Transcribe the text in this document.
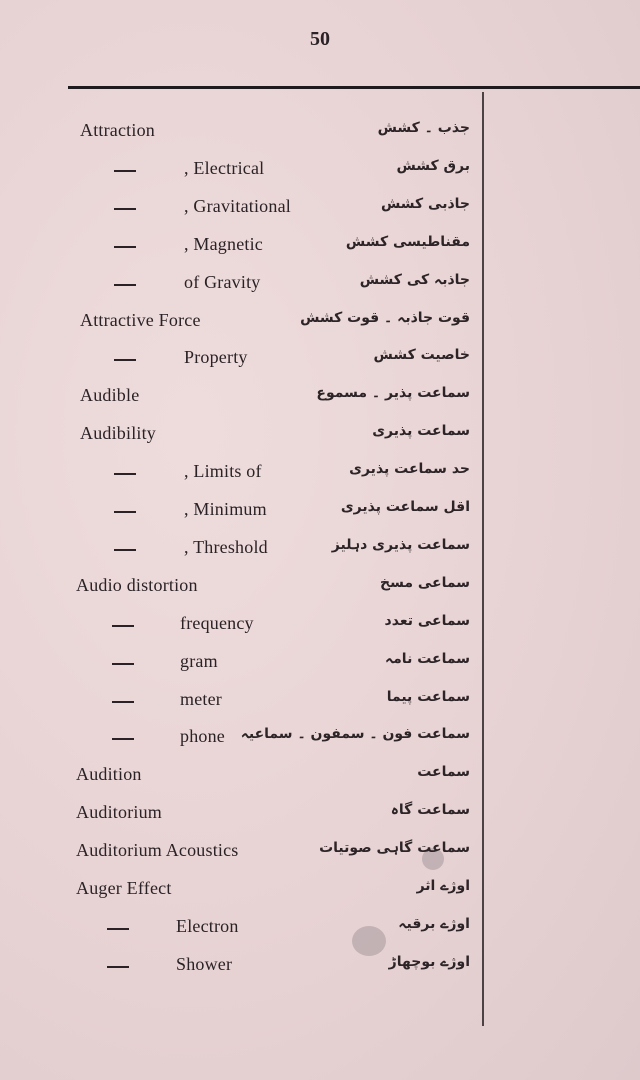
50
Attraction	جذب ۔ کشش
, Electrical	برق کشش
, Gravitational	جاذبی کشش
, Magnetic	مقناطیسی کشش
of Gravity	جاذبہ کی کشش
Attractive Force	قوت جاذبہ ۔ قوت کشش
Property	خاصیت کشش
Audible	سماعت پذیر ۔ مسموع
Audibility	سماعت پذیری
, Limits of	حد سماعت پذیری
, Minimum	اقل سماعت پذیری
, Threshold	سماعت پذیری دہلیز
Audio distortion	سماعی مسخ
frequency	سماعی تعدد
gram	سماعت نامہ
meter	سماعت پیما
phone سماعت فون ۔ سمفون ۔ سماعیہ
Audition	سماعت
Auditorium	سماعت گاہ
Auditorium Acoustics	سماعت گاہی صوتیات
Auger Effect	اوژے اثر
Electron	اوژے برقیہ
Shower	اوژے بوچھاڑ
